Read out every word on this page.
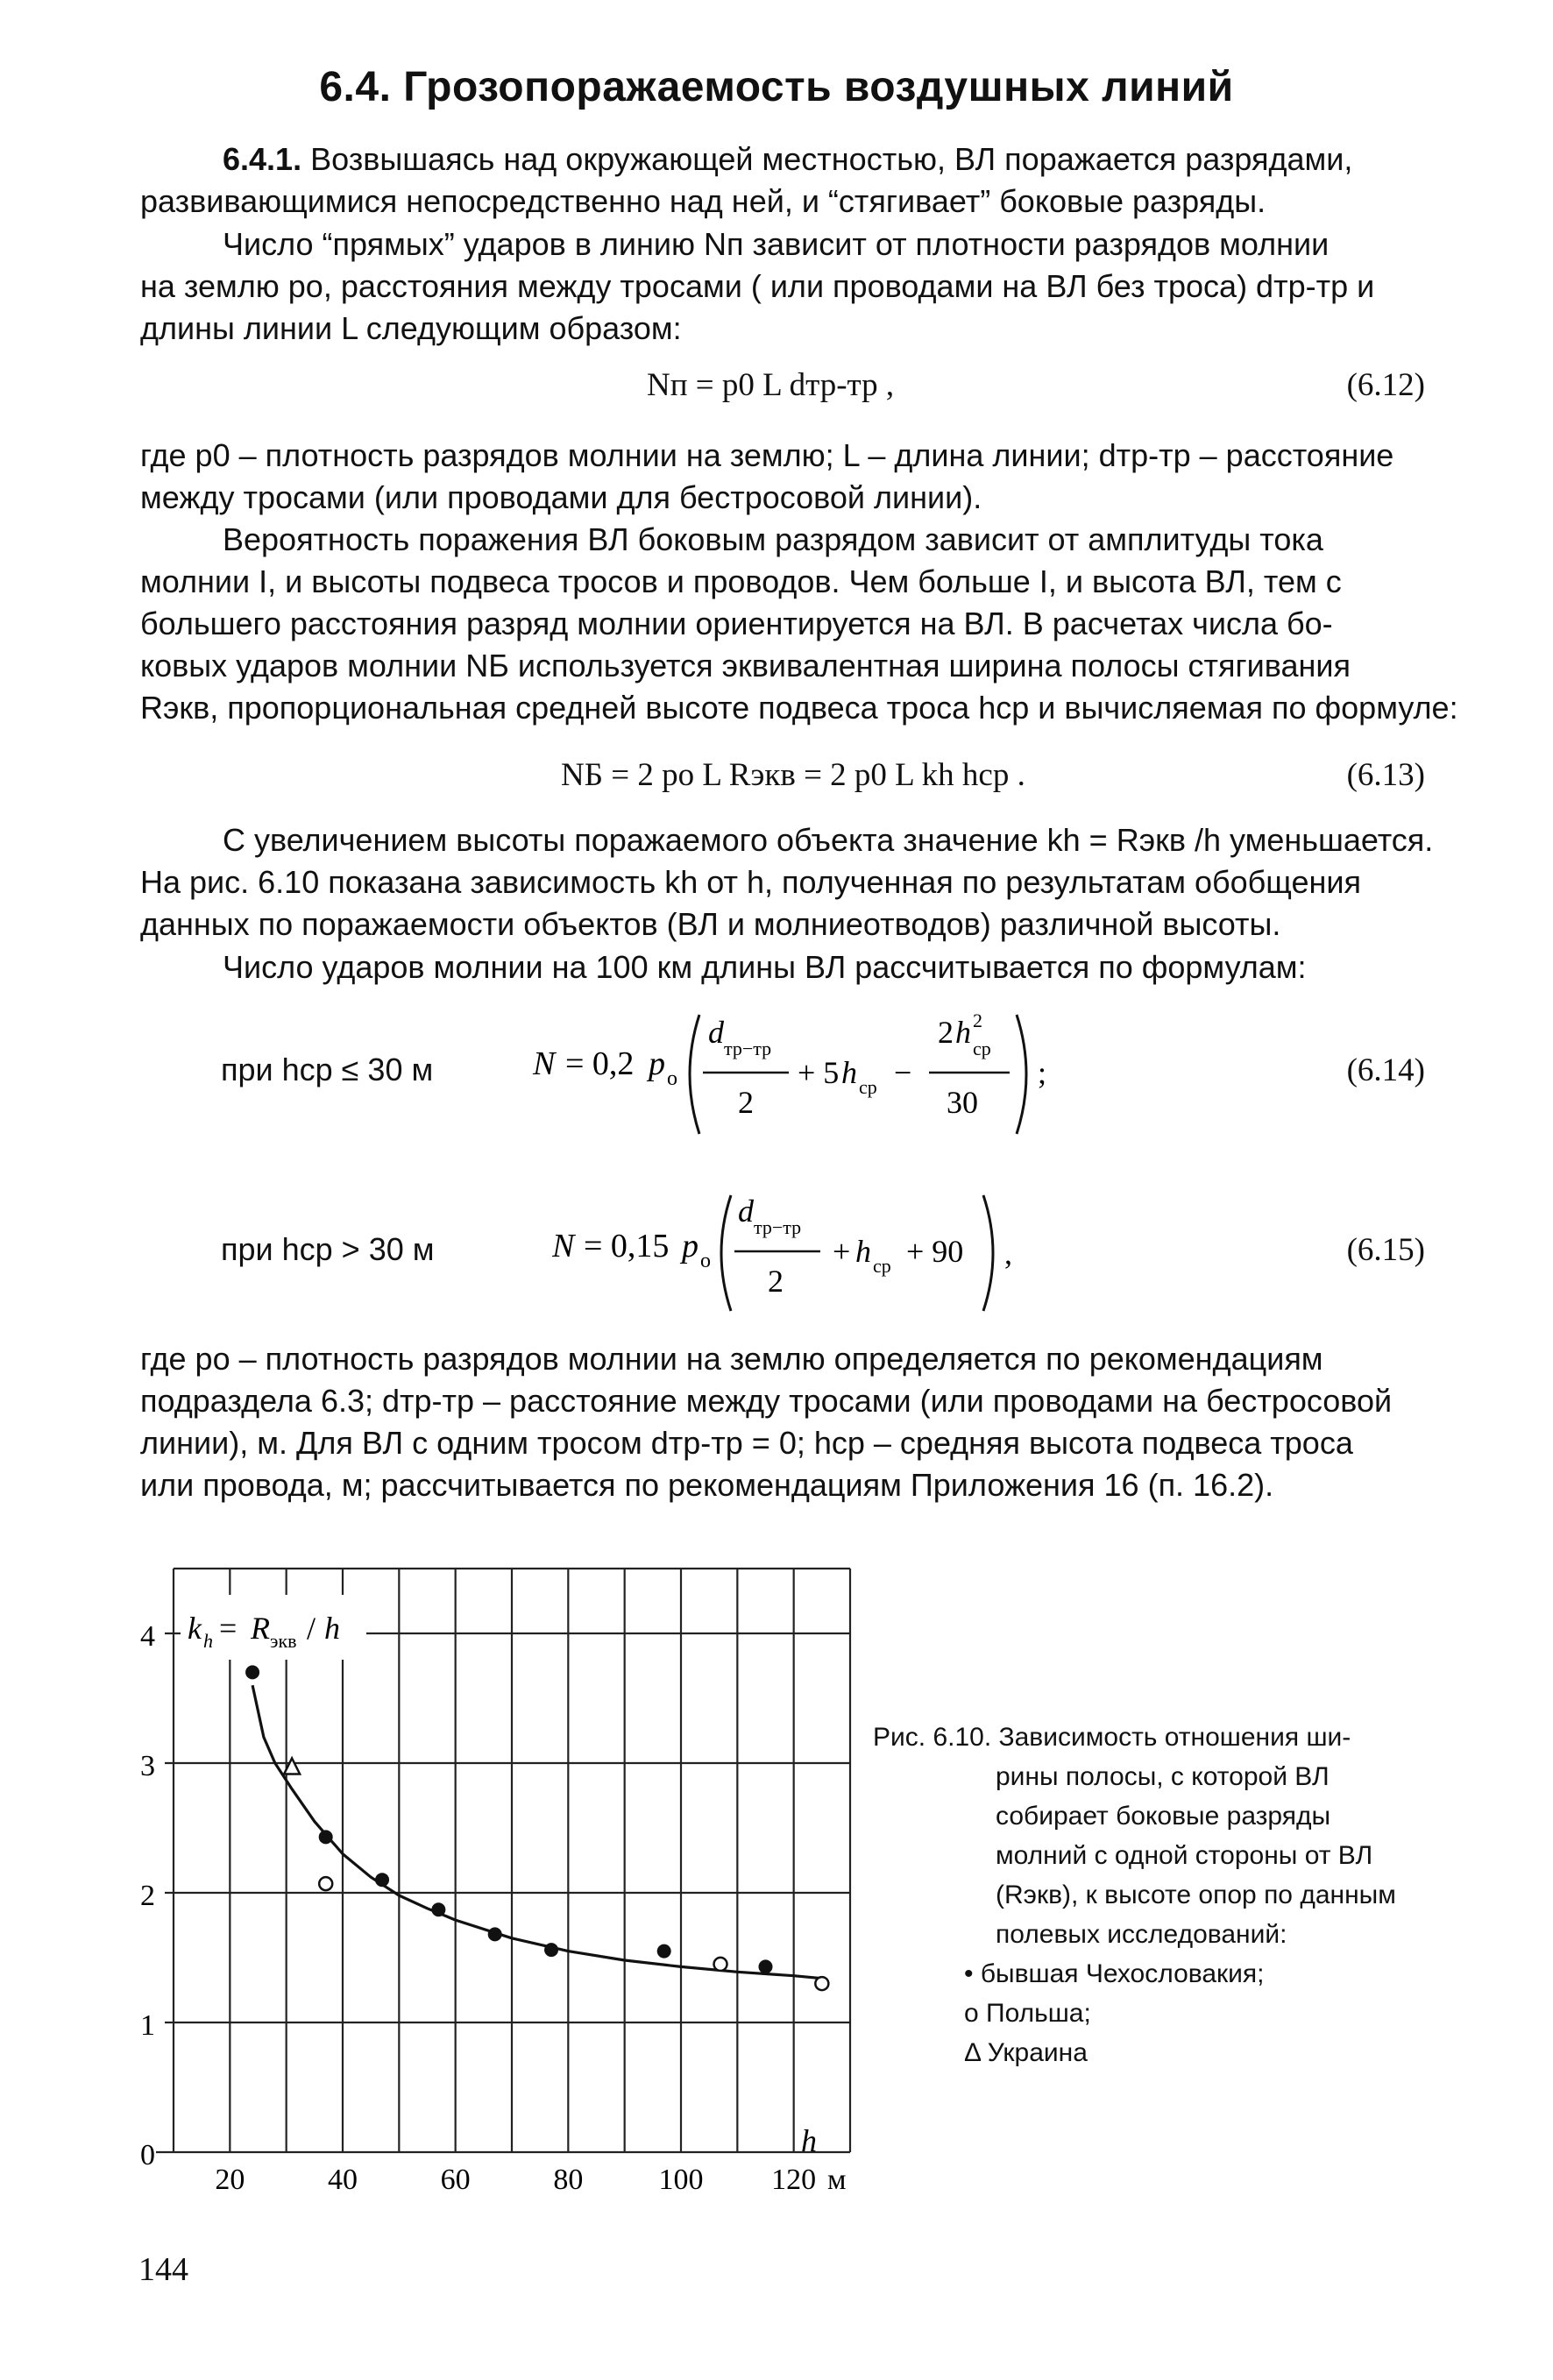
6.4. Грозопоражаемость воздушных линий
6.4.1. Возвышаясь над окружающей местностью, ВЛ поражается разрядами,
развивающимися непосредственно над ней, и “стягивает” боковые разряды.
Число “прямых” ударов в линию Nп зависит от плотности разрядов молнии
на землю pо, расстояния между тросами ( или проводами на ВЛ без троса) dтр-тр и
длины линии L следующим образом:
Nп = p0 L dтр-тр ,	(6.12)
где p0 – плотность разрядов молнии на землю; L – длина линии; dтр-тр – расстояние
между тросами (или проводами для бестросовой линии).
Вероятность поражения ВЛ боковым разрядом зависит от амплитуды тока
молнии I, и высоты подвеса тросов и проводов. Чем больше I, и высота ВЛ, тем с
большего расстояния разряд молнии ориентируется на ВЛ. В расчетах числа бо-
ковых ударов молнии NБ используется эквивалентная ширина полосы стягивания
Rэкв, пропорциональная средней высоте подвеса троса hср и вычисляемая по формуле:
NБ = 2 pо L Rэкв = 2 p0 L kh hср .	(6.13)
С увеличением высоты поражаемого объекта значение kh = Rэкв /h уменьшается.
На рис. 6.10 показана зависимость kh от h, полученная по результатам обобщения
данных по поражаемости объектов (ВЛ и молниеотводов) различной высоты.
Число ударов молнии на 100 км длины ВЛ рассчитывается по формулам:
при hср ≤ 30 м	N = 0,2 p о
d тр−тр
2
+ 5 h ср −
2 h 2
ср
30
;	(6.14)
при hср > 30 м	N = 0,15 p о
d тр−тр
2
+ h ср + 90 ,	(6.15)
где pо – плотность разрядов молнии на землю определяется по рекомендациям
подраздела 6.3; dтр-тр – расстояние между тросами (или проводами на бестросовой
линии), м. Для ВЛ с одним тросом dтр-тр = 0; hср – средняя высота подвеса троса
или провода, м; рассчитывается по рекомендациям Приложения 16 (п. 16.2).
0
1
2
3
4
20	40	60	80	100 120
k h = R экв / h
h
м
Рис. 6.10. Зависимость отношения ши-
рины полосы, с которой ВЛ
собирает боковые разряды
молний с одной стороны от ВЛ
(Rэкв), к высоте опор по данным
полевых исследований:
• бывшая Чехословакия;
о Польша;
Δ Украина
144
